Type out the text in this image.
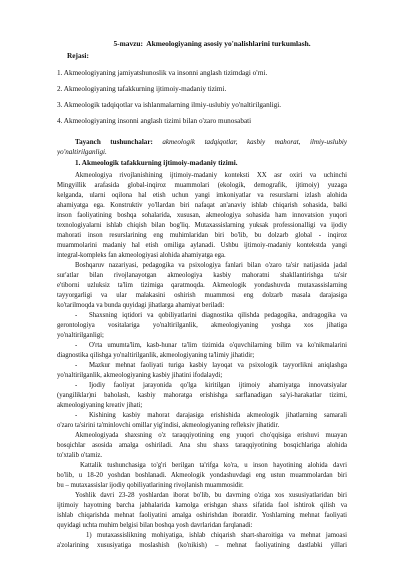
5-mavzu:  Akmeologiyaning asosiy yo'nalishlarini turkumlash.
Rejasi:
1. Akmeologiyaning jamiyatshunoslik va insonni anglash tizimdagi o'rni.
2. Akmeologiyaning tafakkurning ijtimoiy-madaniy tizimi.
3. Akmeologik tadqiqotlar va ishlanmalarning ilmiy-uslubiy yo'naltirilganligi.
4. Akmeologiyaning insonni anglash tizimi bilan o'zaro munosabati
Tayanch tushunchalar: akmeologik tadqiqotlar, kasbiy mahorat, ilmiy-uslubiy
yo'naltirilganligi.
1. Akmeologik tafakkurning ijtimoiy-madaniy tizimi.
Akmeologiya rivojlanishining ijtimoiy-madaniy konteksti XX asr oxiri va uchinchi
Mingyillik arafasida global-inqiroz muammolari (ekologik, demografik, ijtimoiy) yuzaga
kelganda, ularni oqilona hal etish uchun yangi imkoniyatlar va resurslarni izlash alohida
ahamiyatga ega. Konstruktiv yo'llardan biri nafaqat an'anaviy ishlab chiqarish sohasida, balki
inson faoliyatining boshqa sohalarida, xususan, akmeologiya sohasida ham innovatsion yuqori
texnologiyalarni ishlab chiqish bilan bog'liq. Mutaxassislarning yuksak professionalligi va ijodiy
mahorati inson resurslarining eng muhimlaridan biri bo'lib, bu dolzarb global - inqiroz
muammolarini madaniy hal etish omiliga aylanadi. Ushbu ijtimoiy-madaniy kontekstda yangi
integral-kompleks fan akmeologiyasi alohida ahamiyatga ega.
Boshqaruv nazariyasi, pedagogika va psixologiya fanlari bilan o'zaro ta'sir natijasida jadal
sur'atlar bilan rivojlanayotgan akmeologiya kasbiy mahoratni shakllantirishga ta'sir
e'tiborni uzluksiz ta'lim tizimiga qaratmoqda. Akmeologik yondashuvda mutaxassislarning
tayyorgarligi va ular malakasini oshirish muammosi eng dolzarb masala darajasiga
ko'tarilmoqda va bunda quyidagi jihatlarga ahamiyat beriladi:
- Shaxsning iqtidori va qobiliyatlarini diagnostika qilishda pedagogika, andragogika va
gerontologiya vositalariga yo'naltirilganlik, akmeologiyaning yoshga xos jihatiga
yo'naltirilganligi;
- O'rta umumta'lim, kasb-hunar ta'lim tizimida o'quvchilarning bilim va ko'nikmalarini
diagnostika qilishga yo'naltirilganlik, akmeologiyaning ta'limiy jihatidir;
- Mazkur mehnat faoliyati turiga kasbiy layoqat va psixologik tayyorlikni aniqlashga
yo'naltirilganlik, akmeologiyaning kasbiy jihatini ifodalaydi;
- Ijodiy faoliyat jarayonida qo'lga kiritilgan ijtimoiy ahamiyatga innovatsiyalar
(yangiliklar)ni baholash, kasbiy mahoratga erishishga sarflanadigan sa'yi-harakatlar tizimi,
akmeologiyaning kreativ jihati;
- Kishining kasbiy mahorat darajasiga erishishida akmeologik jihatlarning samarali
o'zaro ta'sirini ta'minlovchi omillar yig'indisi, akmeologiyaning refleksiv jihatidir.
Akmeologiyada shaxsning o'z taraqqiyotining eng yuqori cho'qqisiga erishuvi muayan
bosqichlar asosida amalga oshiriladi. Ana shu shaxs taraqqiyotining bosqichlariga alohida
to'xtalib o'tamiz.
Kattalik tushunchasiga to'g'ri berilgan ta'rifga ko'ra, u inson hayotining alohida davri
bo'lib, u 18-20 yoshdan boshlanadi. Akmeologik yondashuvdagi eng ustun muammolardan biri
bu – mutaxassislar ijodiy qobiliyatlarining rivojlanish muammosidir.
Yoshlik davri 23-28 yoshlardan iborat bo'lib, bu davrning o'ziga xos xususiyatlaridan biri
ijtimoiy hayotning barcha jabhalarida kamolga erishgan shaxs sifatida faol ishtirok qilish va
ishlab chiqarishda mehnat faoliyatini amalga oshirishdan iboratdir. Yoshlarning mehnat faoliyati
quyidagi uchta muhim belgisi bilan boshqa yosh davrlaridan farqlanadi:
1) mutaxassislikning mohiyatiga, ishlab chiqarish shart-sharoitiga va mehnat jamoasi
a'zolarining xususiyatiga moslashish (ko'nikish) – mehnat faoliyatining dastlabki yillari
